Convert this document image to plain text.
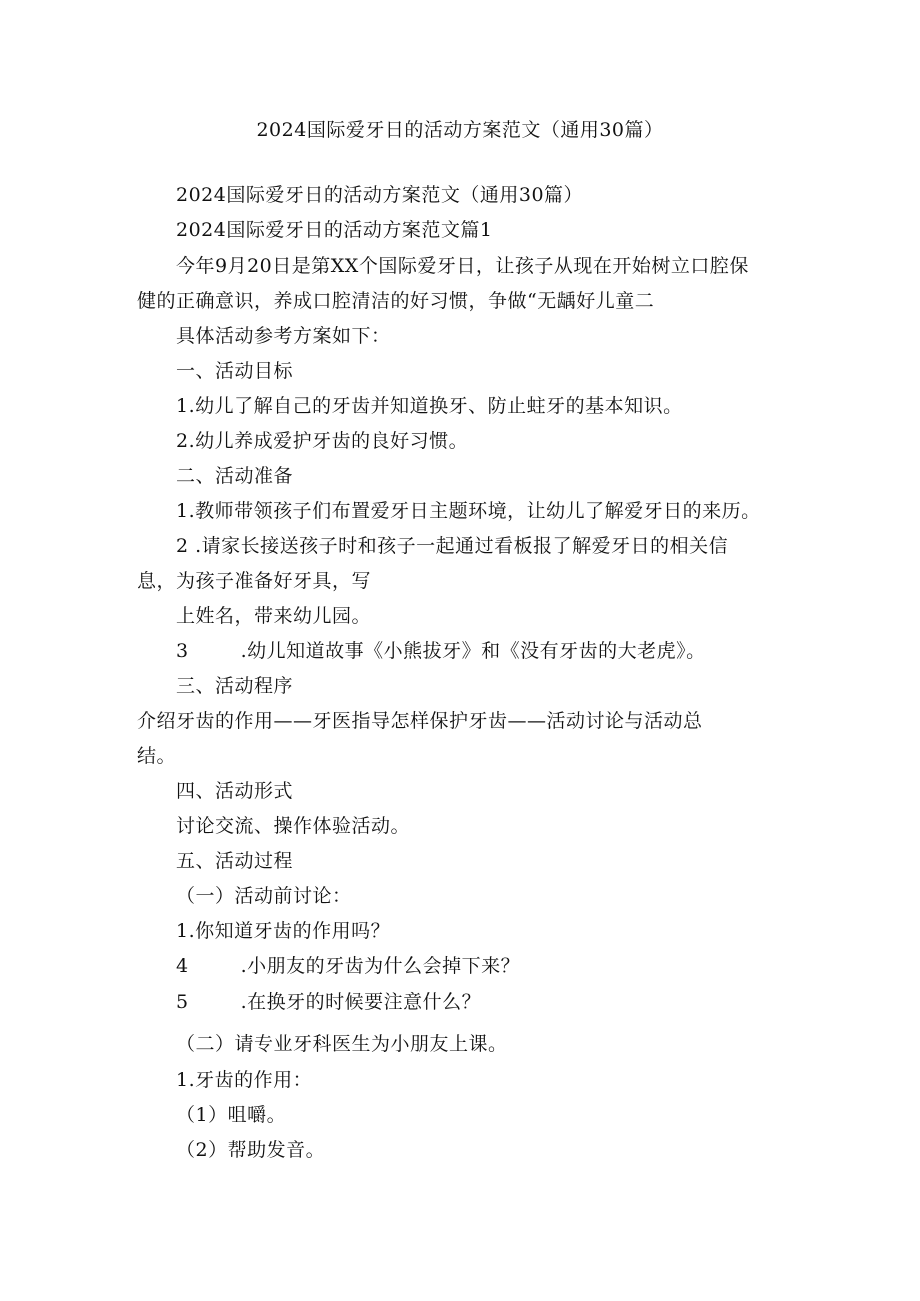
2024国际爱牙日的活动方案范文（通用30篇）
2024国际爱牙日的活动方案范文（通用30篇）
2024国际爱牙日的活动方案范文篇1
今年9月20日是第XX个国际爱牙日，让孩子从现在开始树立口腔保
健的正确意识，养成口腔清洁的好习惯，争做“无龋好儿童二
具体活动参考方案如下：
一、活动目标
1.幼儿了解自己的牙齿并知道换牙、防止蛀牙的基本知识。
2.幼儿养成爱护牙齿的良好习惯。
二、活动准备
1.教师带领孩子们布置爱牙日主题环境，让幼儿了解爱牙日的来历。
2 .请家长接送孩子时和孩子一起通过看板报了解爱牙日的相关信
息，为孩子准备好牙具，写
上姓名，带来幼儿园。
3	.幼儿知道故事《小熊拔牙》和《没有牙齿的大老虎》。
三、活动程序
介绍牙齿的作用——牙医指导怎样保护牙齿——活动讨论与活动总
结。
四、活动形式
讨论交流、操作体验活动。
五、活动过程
（一）活动前讨论：
1.你知道牙齿的作用吗？
4	.小朋友的牙齿为什么会掉下来？
5	.在换牙的时候要注意什么？
（二）请专业牙科医生为小朋友上课。
1.牙齿的作用：
（1）咀嚼。
（2）帮助发音。
